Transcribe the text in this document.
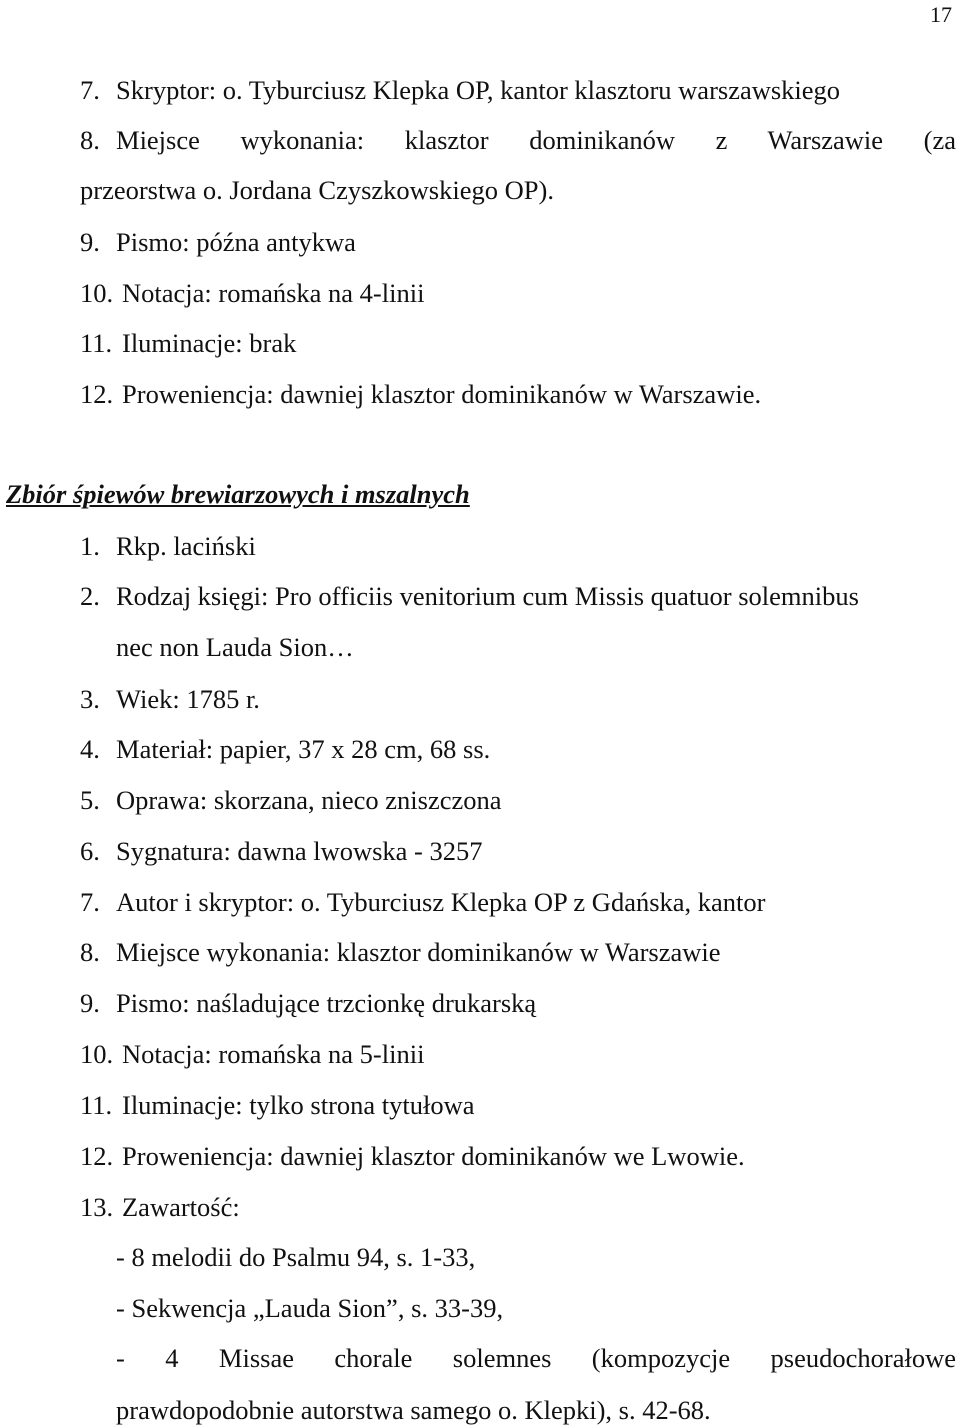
17
7. Skryptor: o. Tyburciusz Klepka OP, kantor klasztoru warszawskiego
8. Miejsce wykonania: klasztor dominikanów z Warszawie (za
przeorstwa o. Jordana Czyszkowskiego OP).
9. Pismo: późna antykwa
10. Notacja: romańska na 4-linii
11. Iluminacje: brak
12. Proweniencja: dawniej klasztor dominikanów w Warszawie.
Zbiór śpiewów brewiarzowych i mszalnych
1. Rkp. laciński
2. Rodzaj księgi: Pro officiis venitorium cum Missis quatuor solemnibus
nec non Lauda Sion…
3. Wiek: 1785 r.
4. Materiał: papier, 37 x 28 cm, 68 ss.
5. Oprawa: skorzana, nieco zniszczona
6. Sygnatura: dawna lwowska - 3257
7. Autor i skryptor: o. Tyburciusz Klepka OP z Gdańska, kantor
8. Miejsce wykonania: klasztor dominikanów w Warszawie
9. Pismo: naśladujące trzcionkę drukarską
10. Notacja: romańska na 5-linii
11. Iluminacje: tylko strona tytułowa
12. Proweniencja: dawniej klasztor dominikanów we Lwowie.
13. Zawartość:
- 8 melodii do Psalmu 94, s. 1-33,
- Sekwencja „Lauda Sion”, s. 33-39,
- 4 Missae chorale solemnes (kompozycje pseudochorałowe
prawdopodobnie autorstwa samego o. Klepki), s. 42-68.
